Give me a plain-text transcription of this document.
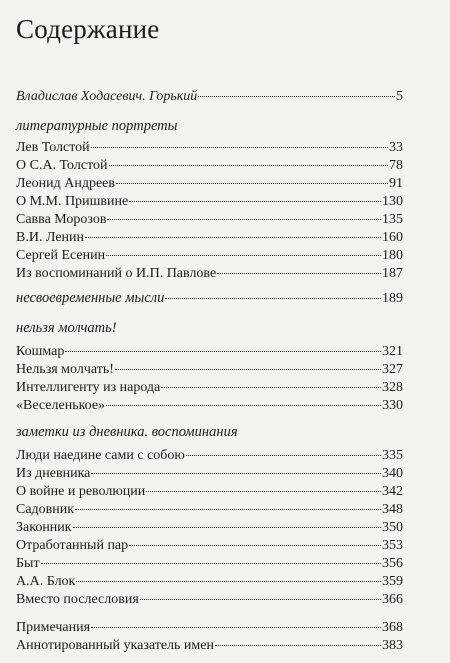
Содержание
Владислав Ходасевич. Горький	5
литературные портреты
Лев Толстой	33
О С.А. Толстой	78
Леонид Андреев	91
О М.М. Пришвине	130
Савва Морозов	135
В.И. Ленин	160
Сергей Есенин	180
Из воспоминаний о И.П. Павлове	187
несвоевременные мысли	189
нельзя молчать!
Кошмар	321
Нельзя молчать!	327
Интеллигенту из народа	328
«Веселенькое»	330
заметки из дневника. воспоминания
Люди наедине сами с собою	335
Из дневника	340
О войне и революции	342
Садовник	348
Законник	350
Отработанный пар	353
Быт	356
А.А. Блок	359
Вместо послесловия	366
Примечания	368
Аннотированный указатель имен	383
